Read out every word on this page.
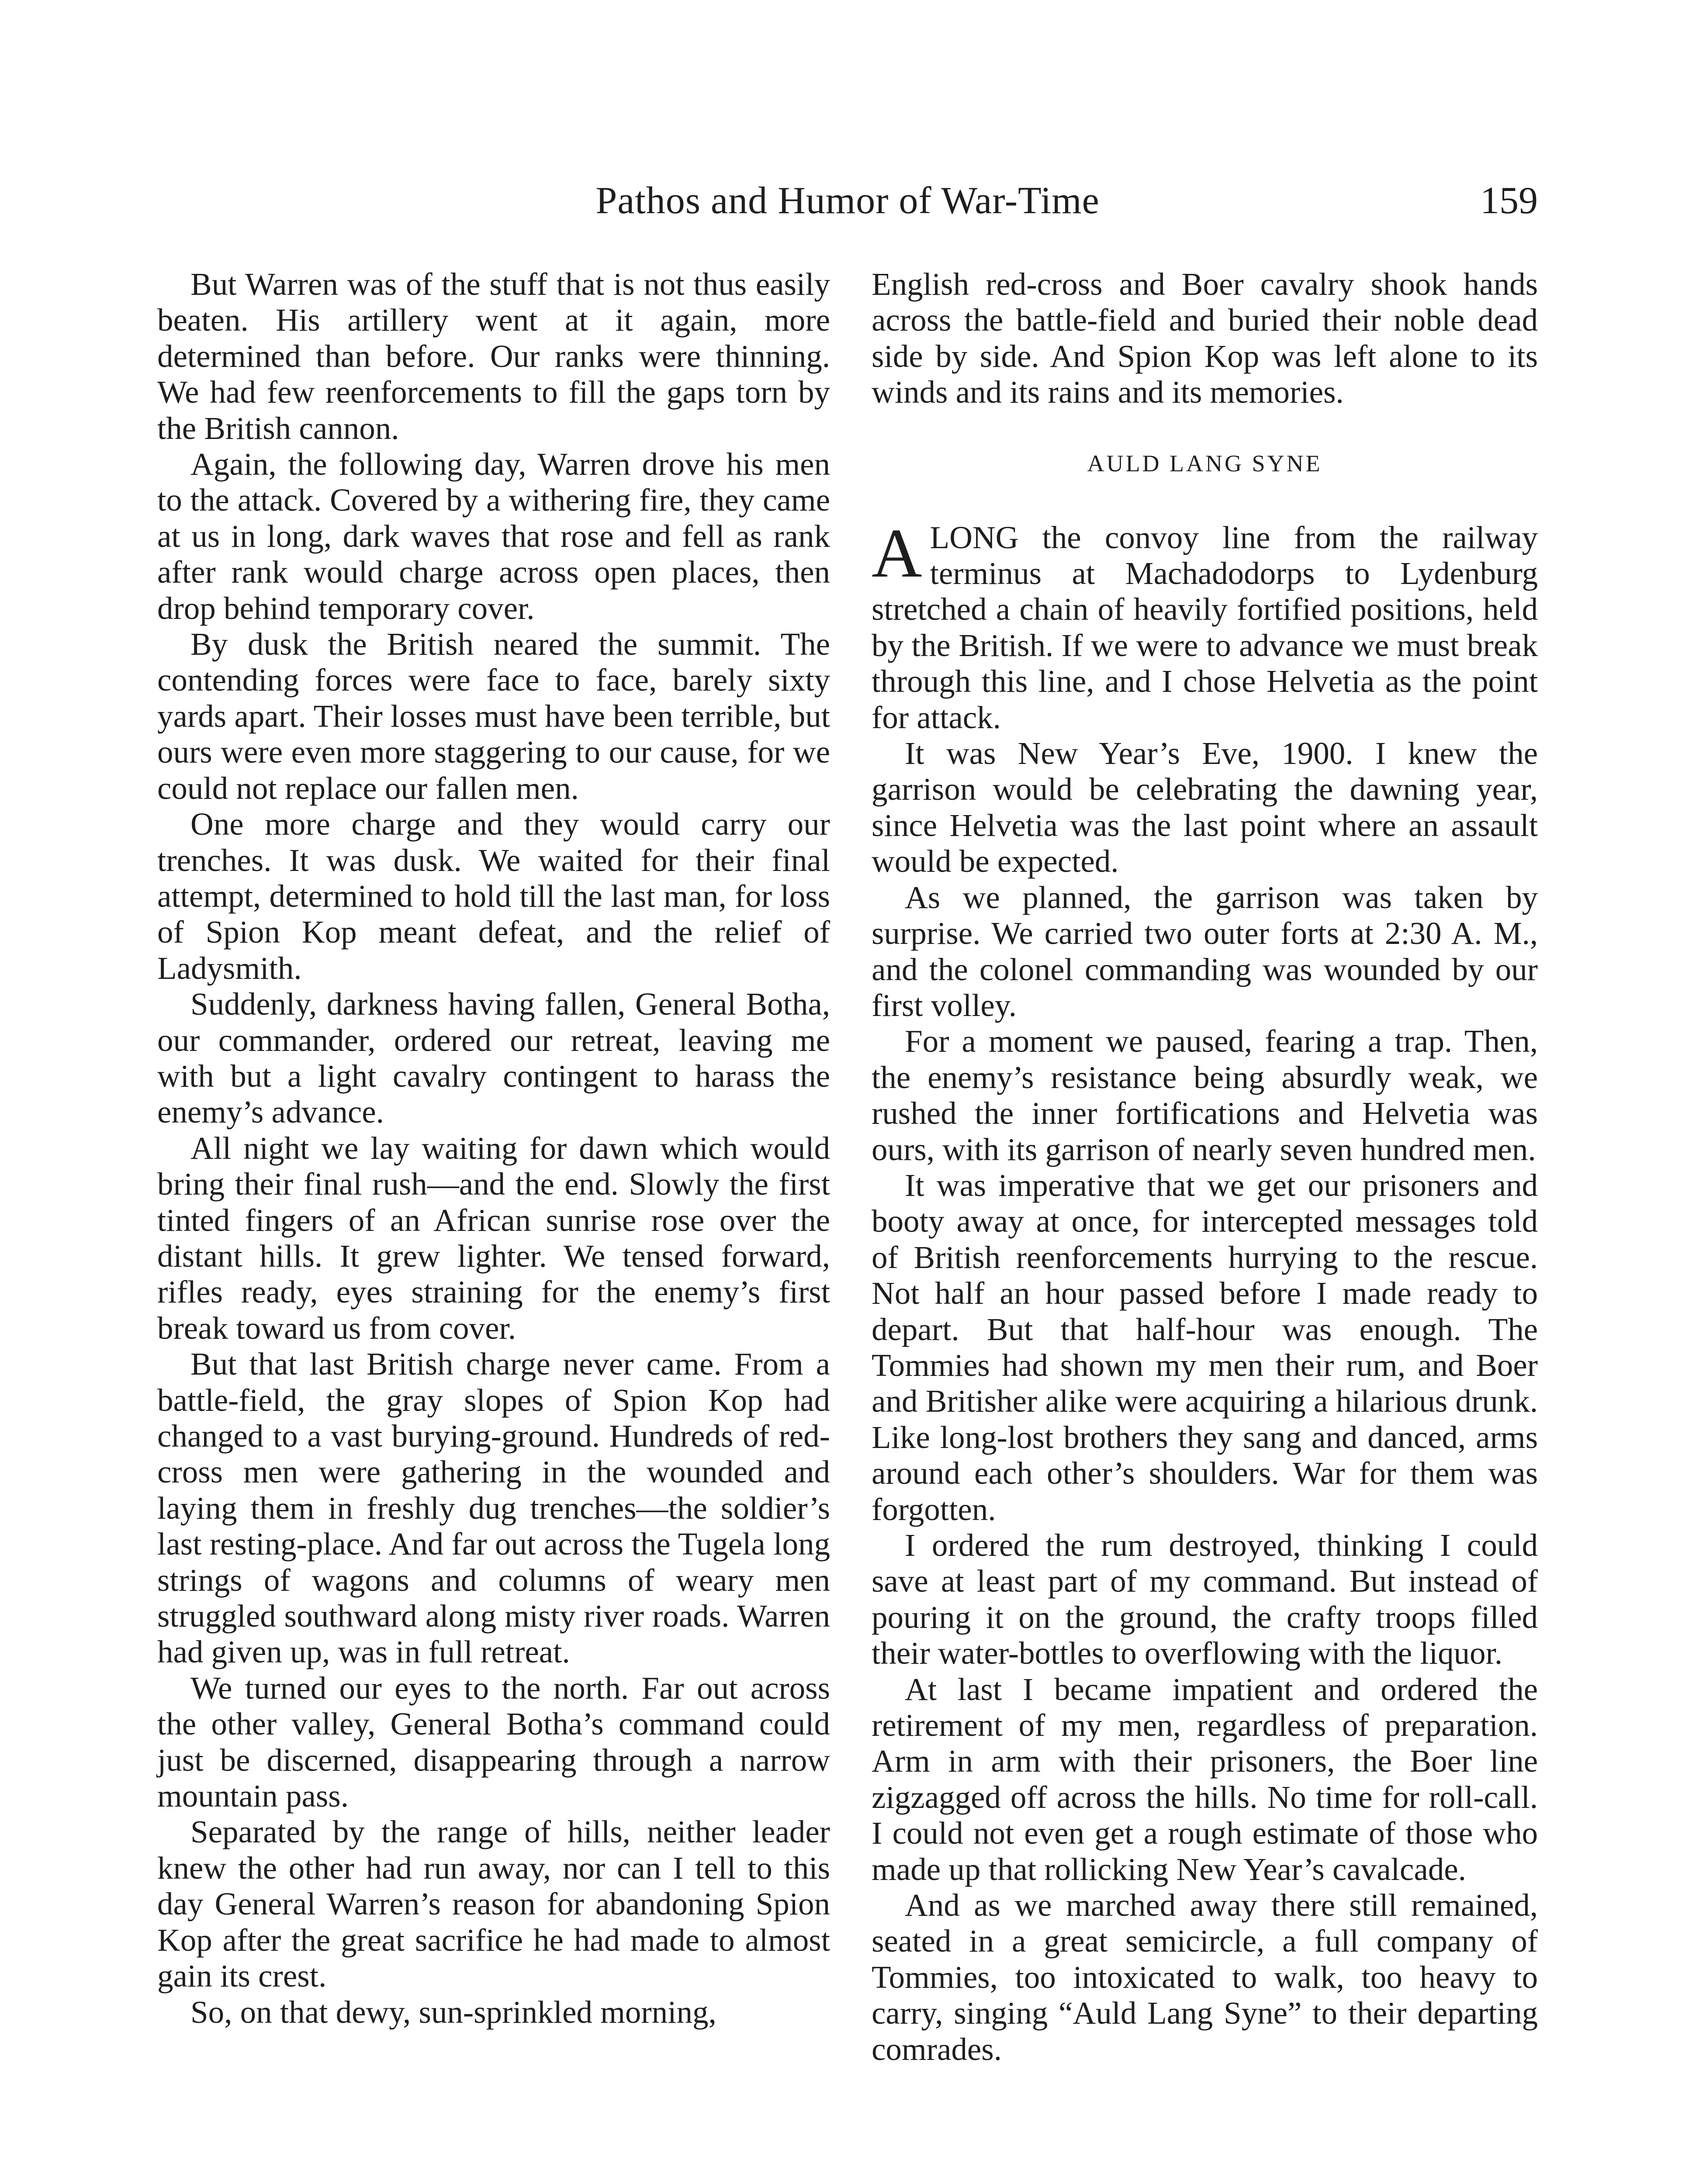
Pathos and Humor of War-Time	159

But Warren was of the stuff that is not thus easily beaten. His artillery went at it again, more determined than before. Our ranks were thinning. We had few reenforcements to fill the gaps torn by the British cannon.

Again, the following day, Warren drove his men to the attack. Covered by a withering fire, they came at us in long, dark waves that rose and fell as rank after rank would charge across open places, then drop behind temporary cover.

By dusk the British neared the summit. The contending forces were face to face, barely sixty yards apart. Their losses must have been terrible, but ours were even more staggering to our cause, for we could not replace our fallen men.

One more charge and they would carry our trenches. It was dusk. We waited for their final attempt, determined to hold till the last man, for loss of Spion Kop meant defeat, and the relief of Ladysmith.

Suddenly, darkness having fallen, General Botha, our commander, ordered our retreat, leaving me with but a light cavalry contingent to harass the enemy’s advance.

All night we lay waiting for dawn which would bring their final rush—and the end. Slowly the first tinted fingers of an African sunrise rose over the distant hills. It grew lighter. We tensed forward, rifles ready, eyes straining for the enemy’s first break toward us from cover.

But that last British charge never came. From a battle-field, the gray slopes of Spion Kop had changed to a vast burying-ground. Hundreds of red-cross men were gathering in the wounded and laying them in freshly dug trenches—the soldier’s last resting-place. And far out across the Tugela long strings of wagons and columns of weary men struggled southward along misty river roads. Warren had given up, was in full retreat.

We turned our eyes to the north. Far out across the other valley, General Botha’s command could just be discerned, disappearing through a narrow mountain pass.

Separated by the range of hills, neither leader knew the other had run away, nor can I tell to this day General Warren’s reason for abandoning Spion Kop after the great sacrifice he had made to almost gain its crest.

So, on that dewy, sun-sprinkled morning,

English red-cross and Boer cavalry shook hands across the battle-field and buried their noble dead side by side. And Spion Kop was left alone to its winds and its rains and its memories.

AULD LANG SYNE

ALONG the convoy line from the railway terminus at Machadodorps to Lydenburg stretched a chain of heavily fortified positions, held by the British. If we were to advance we must break through this line, and I chose Helvetia as the point for attack.

It was New Year’s Eve, 1900. I knew the garrison would be celebrating the dawning year, since Helvetia was the last point where an assault would be expected.

As we planned, the garrison was taken by surprise. We carried two outer forts at 2:30 A. M., and the colonel commanding was wounded by our first volley.

For a moment we paused, fearing a trap. Then, the enemy’s resistance being absurdly weak, we rushed the inner fortifications and Helvetia was ours, with its garrison of nearly seven hundred men.

It was imperative that we get our prisoners and booty away at once, for intercepted messages told of British reenforcements hurrying to the rescue. Not half an hour passed before I made ready to depart. But that half-hour was enough. The Tommies had shown my men their rum, and Boer and Britisher alike were acquiring a hilarious drunk. Like long-lost brothers they sang and danced, arms around each other’s shoulders. War for them was forgotten.

I ordered the rum destroyed, thinking I could save at least part of my command. But instead of pouring it on the ground, the crafty troops filled their water-bottles to overflowing with the liquor.

At last I became impatient and ordered the retirement of my men, regardless of preparation. Arm in arm with their prisoners, the Boer line zigzagged off across the hills. No time for roll-call. I could not even get a rough estimate of those who made up that rollicking New Year’s cavalcade.

And as we marched away there still remained, seated in a great semicircle, a full company of Tommies, too intoxicated to walk, too heavy to carry, singing “Auld Lang Syne” to their departing comrades.
